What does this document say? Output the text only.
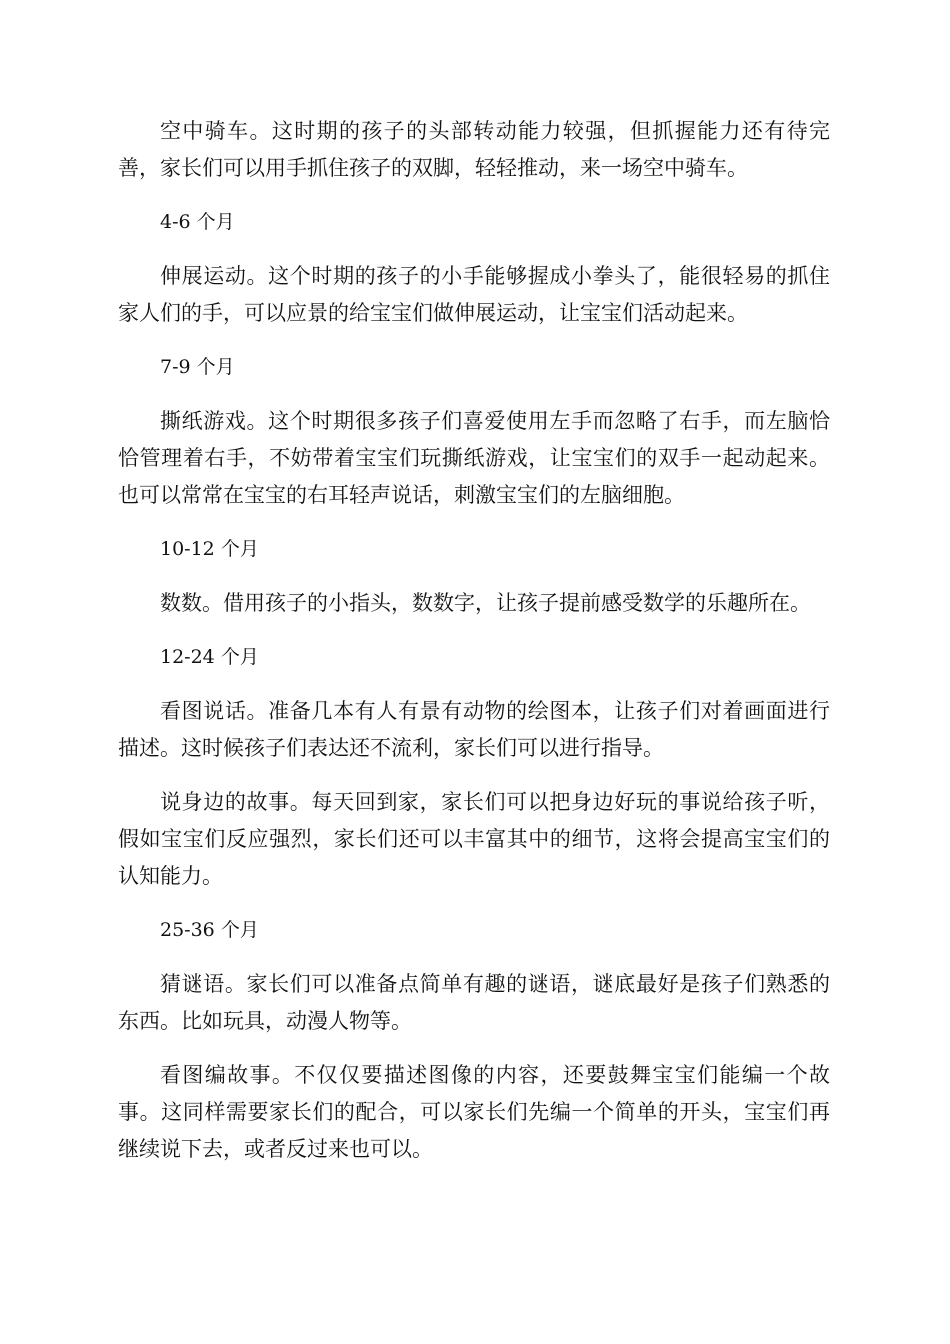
空中骑车。这时期的孩子的头部转动能力较强，但抓握能力还有待完善，家长们可以用手抓住孩子的双脚，轻轻推动，来一场空中骑车。

4-6 个月

伸展运动。这个时期的孩子的小手能够握成小拳头了，能很轻易的抓住家人们的手，可以应景的给宝宝们做伸展运动，让宝宝们活动起来。

7-9 个月

撕纸游戏。这个时期很多孩子们喜爱使用左手而忽略了右手，而左脑恰恰管理着右手，不妨带着宝宝们玩撕纸游戏，让宝宝们的双手一起动起来。也可以常常在宝宝的右耳轻声说话，刺激宝宝们的左脑细胞。

10-12 个月

数数。借用孩子的小指头，数数字，让孩子提前感受数学的乐趣所在。

12-24 个月

看图说话。准备几本有人有景有动物的绘图本，让孩子们对着画面进行描述。这时候孩子们表达还不流利，家长们可以进行指导。

说身边的故事。每天回到家，家长们可以把身边好玩的事说给孩子听，假如宝宝们反应强烈，家长们还可以丰富其中的细节，这将会提高宝宝们的认知能力。

25-36 个月

猜谜语。家长们可以准备点简单有趣的谜语，谜底最好是孩子们熟悉的东西。比如玩具，动漫人物等。

看图编故事。不仅仅要描述图像的内容，还要鼓舞宝宝们能编一个故事。这同样需要家长们的配合，可以家长们先编一个简单的开头，宝宝们再继续说下去，或者反过来也可以。
